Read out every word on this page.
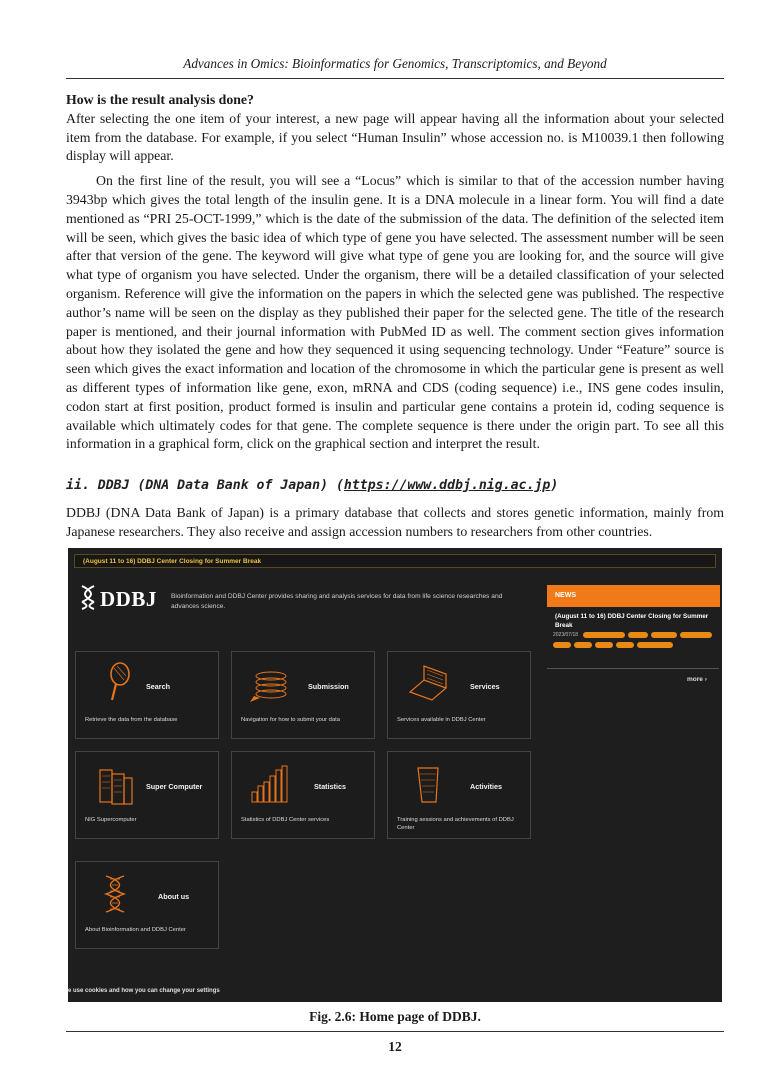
Advances in Omics: Bioinformatics for Genomics, Transcriptomics, and Beyond
How is the result analysis done?

After selecting the one item of your interest, a new page will appear having all the information about your selected item from the database. For example, if you select “Human Insulin” whose accession no. is M10039.1 then following display will appear.

On the first line of the result, you will see a “Locus” which is similar to that of the accession number having 3943bp which gives the total length of the insulin gene. It is a DNA molecule in a linear form. You will find a date mentioned as “PRI 25-OCT-1999,” which is the date of the submission of the data. The definition of the selected item will be seen, which gives the basic idea of which type of gene you have selected. The assessment number will be seen after that version of the gene. The keyword will give what type of gene you are looking for, and the source will give what type of organism you have selected. Under the organism, there will be a detailed classification of your selected organism. Reference will give the information on the papers in which the selected gene was published. The respective author’s name will be seen on the display as they published their paper for the selected gene. The title of the research paper is mentioned, and their journal information with PubMed ID as well. The comment section gives information about how they isolated the gene and how they sequenced it using sequencing technology. Under “Feature” source is seen which gives the exact information and location of the chromosome in which the particular gene is present as well as different types of information like gene, exon, mRNA and CDS (coding sequence) i.e., INS gene codes insulin, codon start at first position, product formed is insulin and particular gene contains a protein id, coding sequence is available which ultimately codes for that gene. The complete sequence is there under the origin part. To see all this information in a graphical form, click on the graphical section and interpret the result.

ii. DDBJ (DNA Data Bank of Japan) (https://www.ddbj.nig.ac.jp)

DDBJ (DNA Data Bank of Japan) is a primary database that collects and stores genetic information, mainly from Japanese researchers. They also receive and assign accession numbers to researchers from other countries.

(August 11 to 16) DDBJ Center Closing for Summer Break
DDBJ Bioinformation and DDBJ Center provides sharing and analysis services for data from life science researches and advances science.
NEWS
(August 11 to 16) DDBJ Center Closing for Summer Break
2023/07/18
more ›
Search
Retrieve the data from the database
Submission
Navigation for how to submit your data
Services
Services available in DDBJ Center
Super Computer
NIG Supercomputer
Statistics
Statistics of DDBJ Center services
Activities
Training sessions and achievements of DDBJ Center
About us
About Bioinformation and DDBJ Center
e use cookies and how you can change your settings
Fig. 2.6: Home page of DDBJ.
12
